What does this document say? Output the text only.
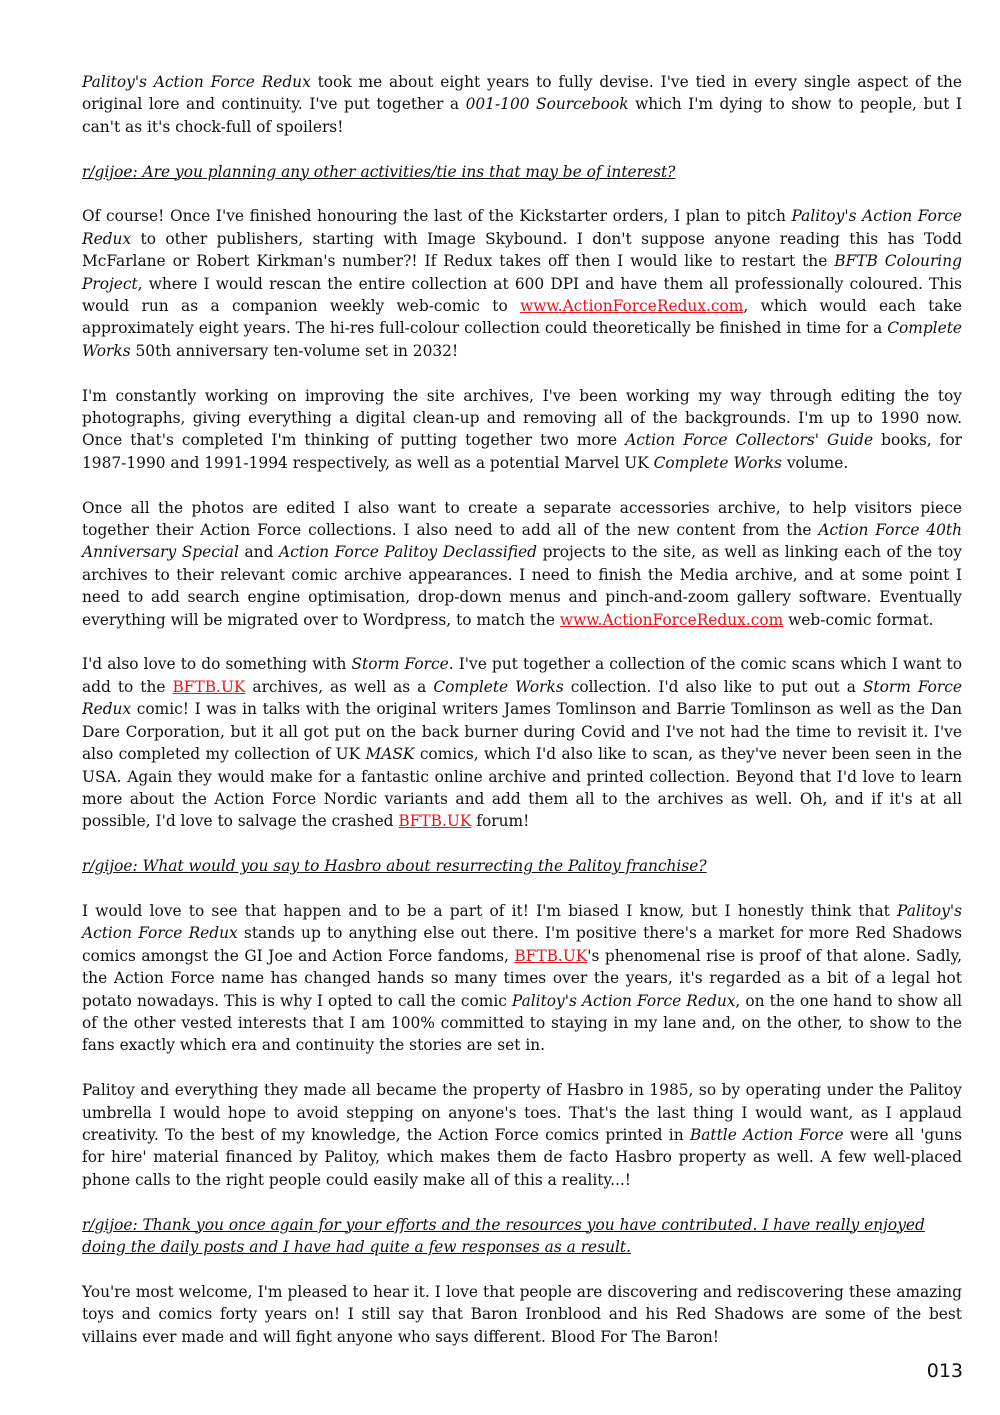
Palitoy's Action Force Redux took me about eight years to fully devise. I've tied in every single aspect of the original lore and continuity. I've put together a 001-100 Sourcebook which I'm dying to show to people, but I can't as it's chock-full of spoilers!

r/gijoe: Are you planning any other activities/tie ins that may be of interest?

Of course! Once I've finished honouring the last of the Kickstarter orders, I plan to pitch Palitoy's Action Force Redux to other publishers, starting with Image Skybound. I don't suppose anyone reading this has Todd McFarlane or Robert Kirkman's number?! If Redux takes off then I would like to restart the BFTB Colouring Project, where I would rescan the entire collection at 600 DPI and have them all professionally coloured. This would run as a companion weekly web-comic to www.ActionForceRedux.com, which would each take approximately eight years. The hi-res full-colour collection could theoretically be finished in time for a Complete Works 50th anniversary ten-volume set in 2032!

I'm constantly working on improving the site archives, I've been working my way through editing the toy photographs, giving everything a digital clean-up and removing all of the backgrounds. I'm up to 1990 now. Once that's completed I'm thinking of putting together two more Action Force Collectors' Guide books, for 1987-1990 and 1991-1994 respectively, as well as a potential Marvel UK Complete Works volume.

Once all the photos are edited I also want to create a separate accessories archive, to help visitors piece together their Action Force collections. I also need to add all of the new content from the Action Force 40th Anniversary Special and Action Force Palitoy Declassified projects to the site, as well as linking each of the toy archives to their relevant comic archive appearances. I need to finish the Media archive, and at some point I need to add search engine optimisation, drop-down menus and pinch-and-zoom gallery software. Eventually everything will be migrated over to Wordpress, to match the www.ActionForceRedux.com web-comic format.

I'd also love to do something with Storm Force. I've put together a collection of the comic scans which I want to add to the BFTB.UK archives, as well as a Complete Works collection. I'd also like to put out a Storm Force Redux comic! I was in talks with the original writers James Tomlinson and Barrie Tomlinson as well as the Dan Dare Corporation, but it all got put on the back burner during Covid and I've not had the time to revisit it. I've also completed my collection of UK MASK comics, which I'd also like to scan, as they've never been seen in the USA. Again they would make for a fantastic online archive and printed collection. Beyond that I'd love to learn more about the Action Force Nordic variants and add them all to the archives as well. Oh, and if it's at all possible, I'd love to salvage the crashed BFTB.UK forum!

r/gijoe: What would you say to Hasbro about resurrecting the Palitoy franchise?

I would love to see that happen and to be a part of it! I'm biased I know, but I honestly think that Palitoy's Action Force Redux stands up to anything else out there. I'm positive there's a market for more Red Shadows comics amongst the GI Joe and Action Force fandoms, BFTB.UK's phenomenal rise is proof of that alone. Sadly, the Action Force name has changed hands so many times over the years, it's regarded as a bit of a legal hot potato nowadays. This is why I opted to call the comic Palitoy's Action Force Redux, on the one hand to show all of the other vested interests that I am 100% committed to staying in my lane and, on the other, to show to the fans exactly which era and continuity the stories are set in.

Palitoy and everything they made all became the property of Hasbro in 1985, so by operating under the Palitoy umbrella I would hope to avoid stepping on anyone's toes. That's the last thing I would want, as I applaud creativity. To the best of my knowledge, the Action Force comics printed in Battle Action Force were all 'guns for hire' material financed by Palitoy, which makes them de facto Hasbro property as well. A few well-placed phone calls to the right people could easily make all of this a reality...!

r/gijoe: Thank you once again for your efforts and the resources you have contributed. I have really enjoyed doing the daily posts and I have had quite a few responses as a result.

You're most welcome, I'm pleased to hear it. I love that people are discovering and rediscovering these amazing toys and comics forty years on! I still say that Baron Ironblood and his Red Shadows are some of the best villains ever made and will fight anyone who says different. Blood For The Baron!

013
